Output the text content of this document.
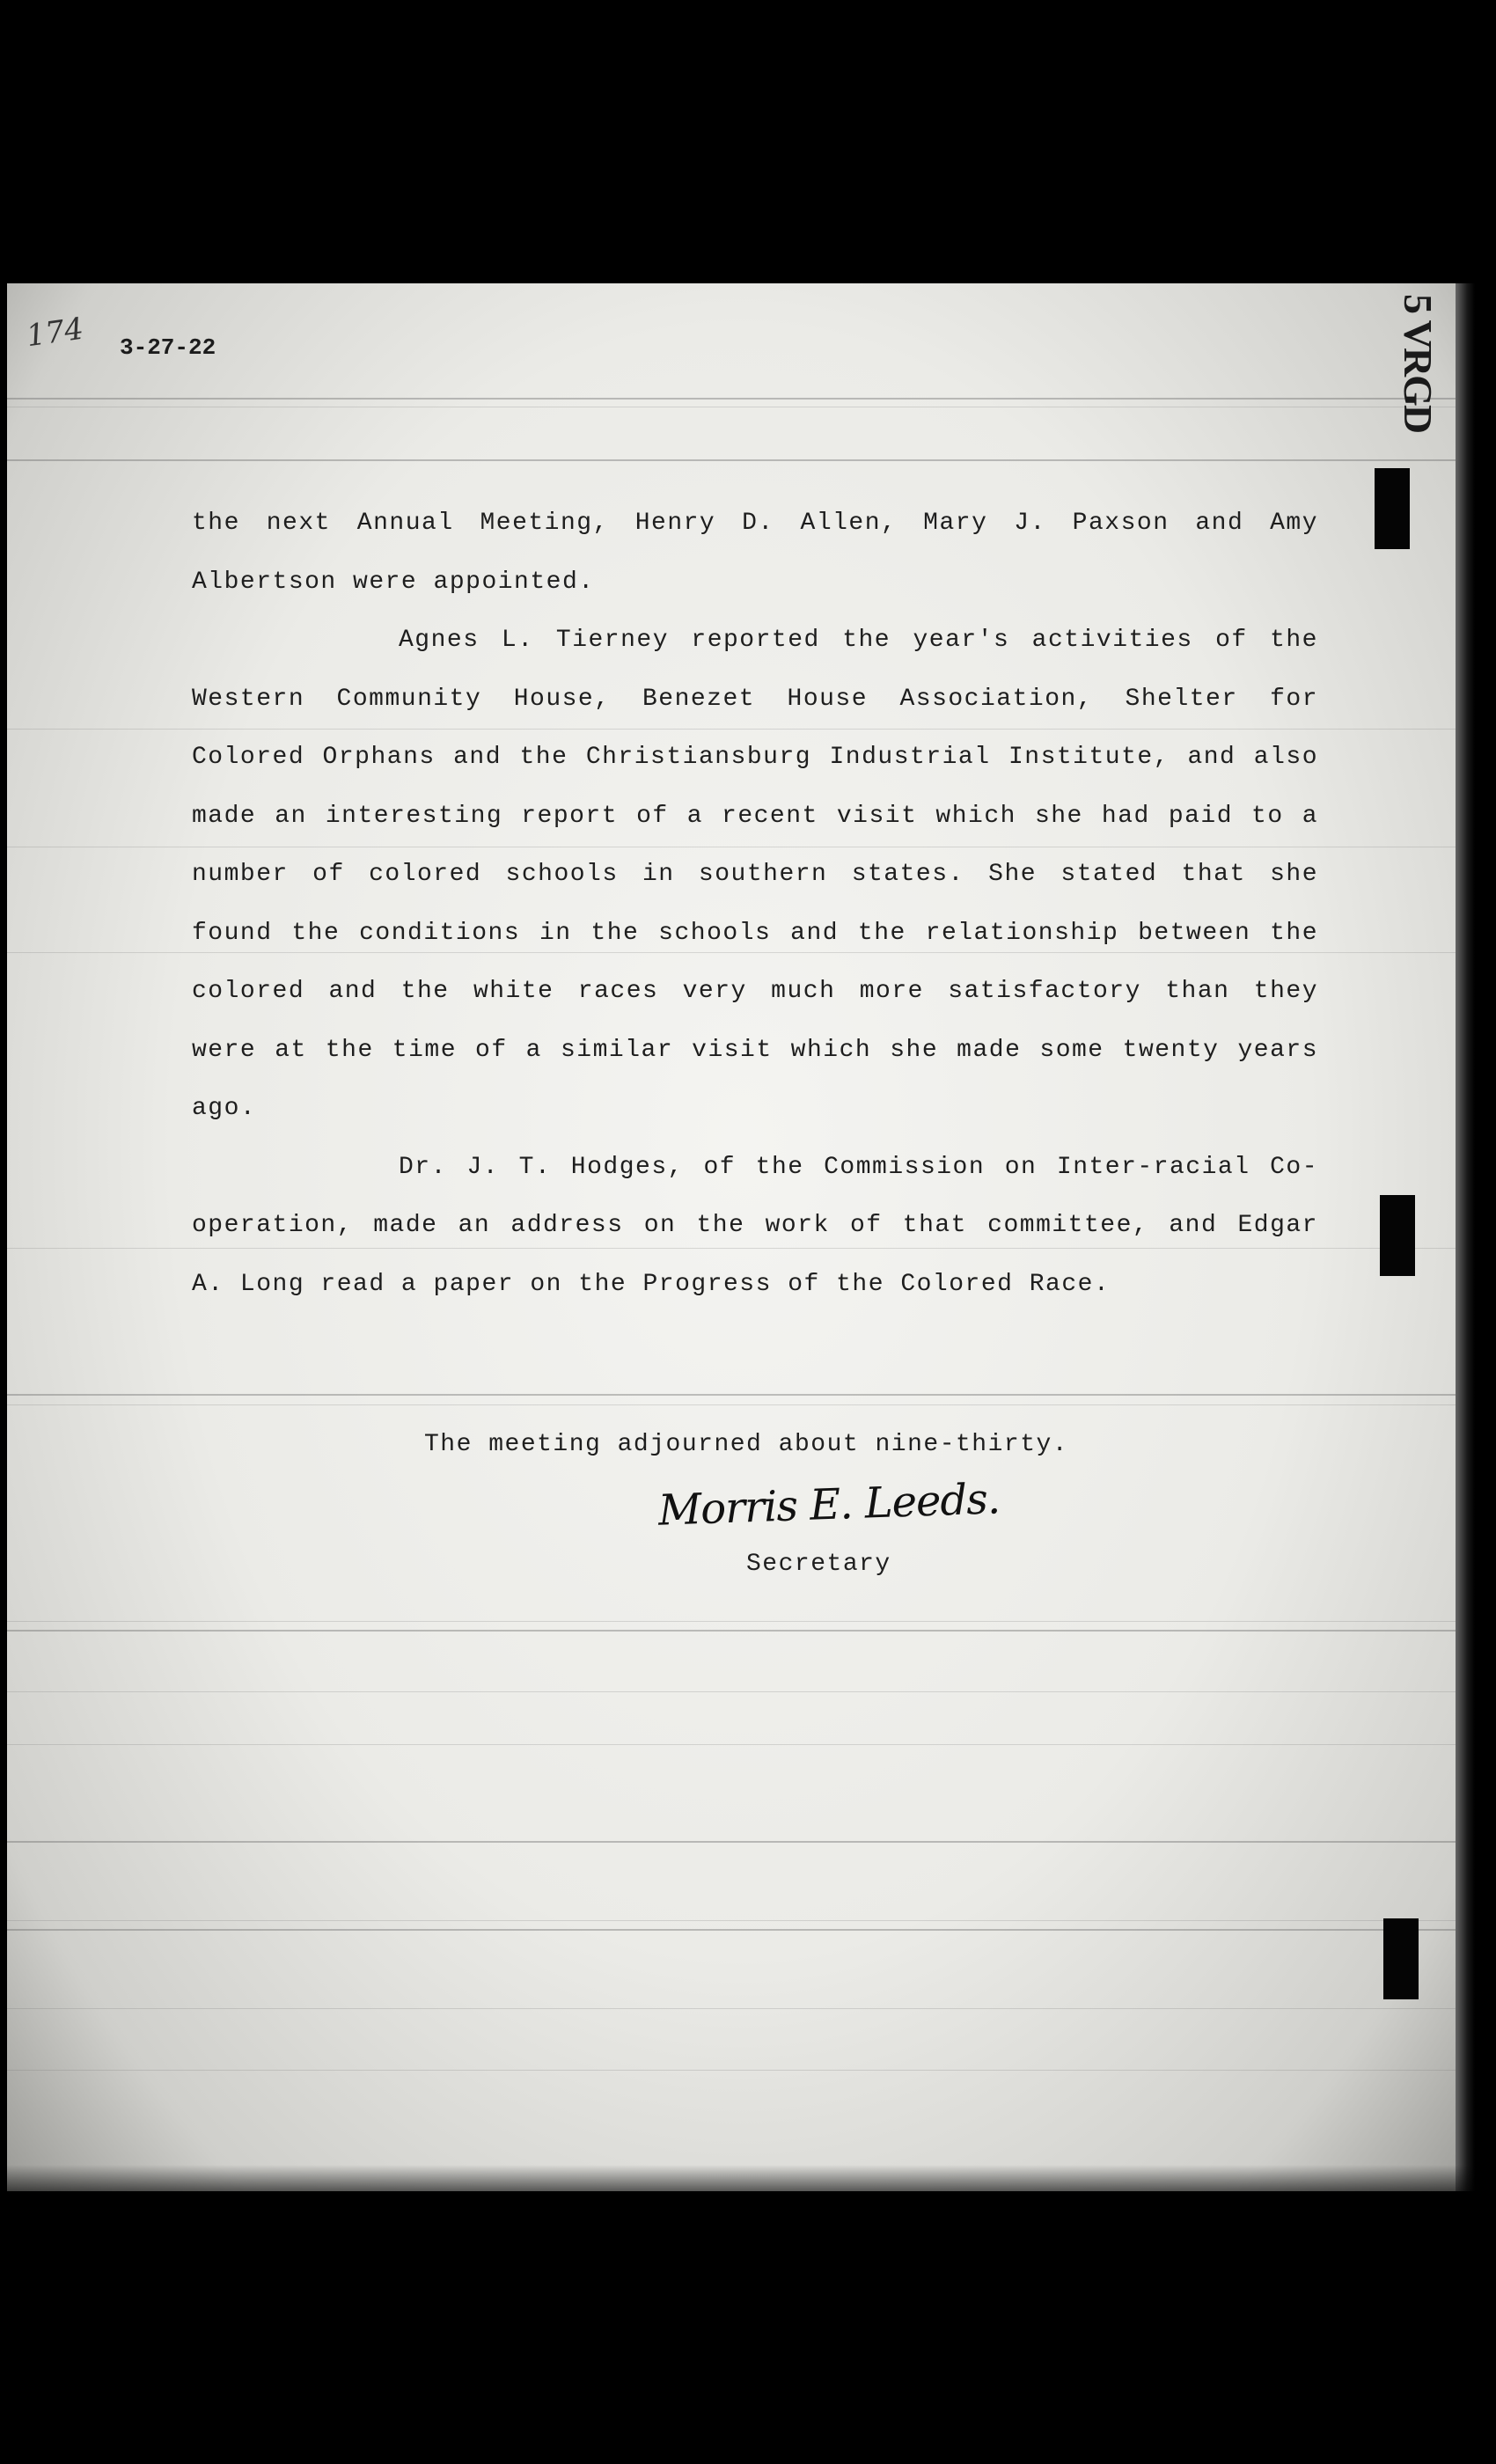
174 3-27-22	5 VRGD

the next Annual Meeting, Henry D. Allen, Mary J. Paxson and Amy Albertson were appointed.

Agnes L. Tierney reported the year's activities of the Western Community House, Benezet House Association, Shelter for Colored Orphans and the Christiansburg Industrial Institute, and also made an interesting report of a recent visit which she had paid to a number of colored schools in southern states. She stated that she found the conditions in the schools and the relationship between the colored and the white races very much more satisfactory than they were at the time of a similar visit which she made some twenty years ago.

Dr. J. T. Hodges, of the Commission on Inter-racial Co-operation, made an address on the work of that committee, and Edgar A. Long read a paper on the Progress of the Colored Race.

The meeting adjourned about nine-thirty.
Morris E. Leeds.
Secretary
